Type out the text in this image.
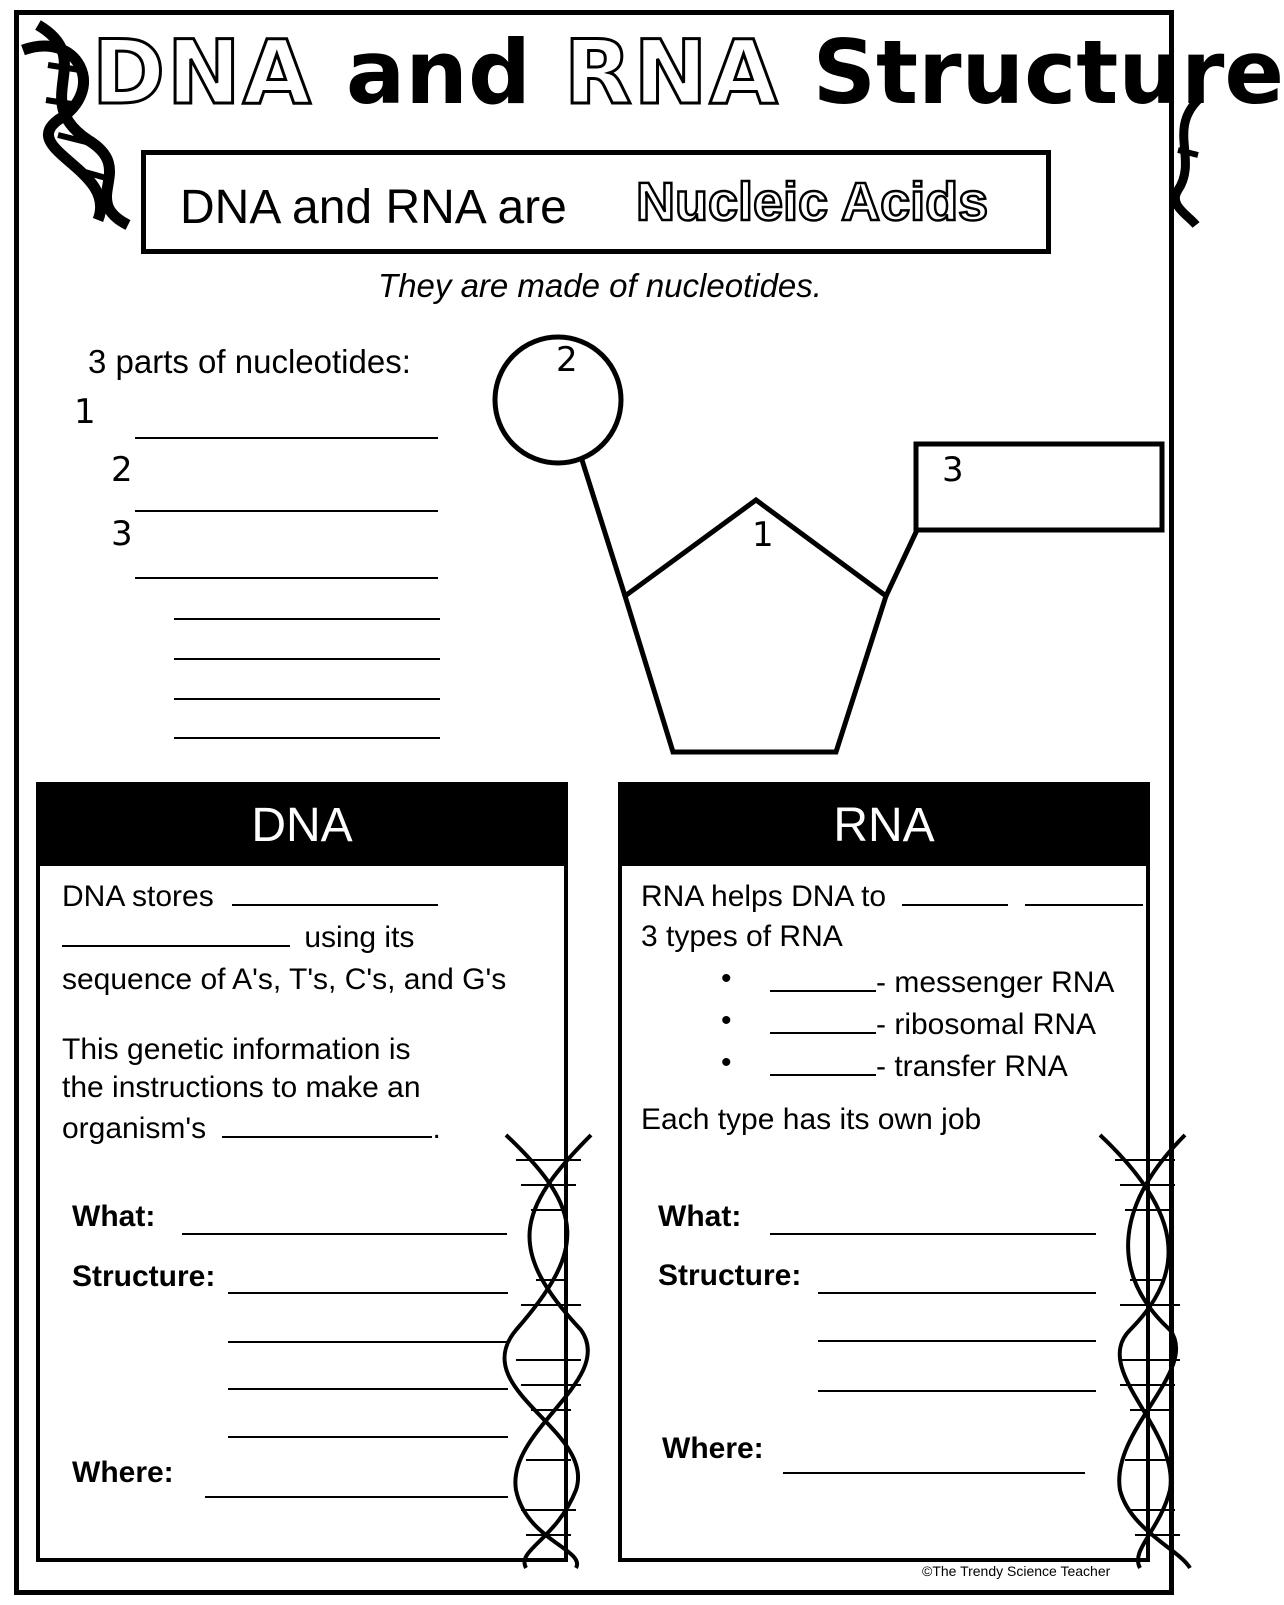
DNA and RNA Structure
DNA and RNA are Nucleic Acids
They are made of nucleotides.
3 parts of nucleotides:
1
2
3
2
1
3
DNA
DNA stores
using its
sequence of A's, T's, C's, and G's
This genetic information is
the instructions to make an
organism's	.
What:
Structure:
Where:
RNA
RNA helps DNA to
3 types of RNA
•	- messenger RNA
•	- ribosomal RNA
•	- transfer RNA
Each type has its own job
What:
Structure:
Where:
©The Trendy Science Teacher
